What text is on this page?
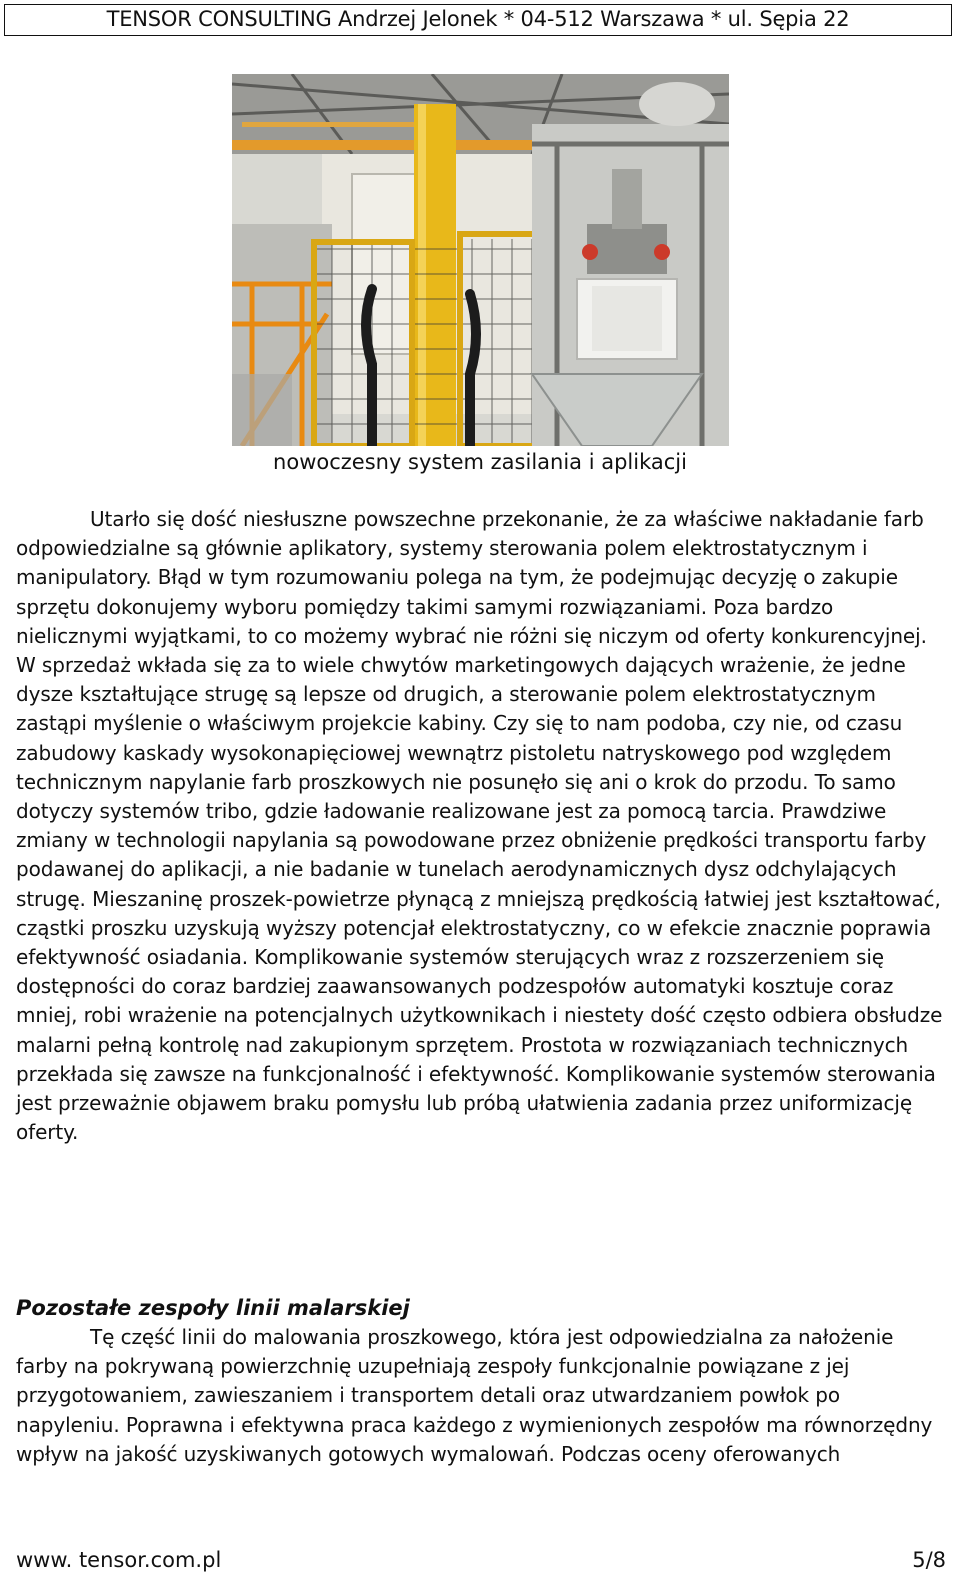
TENSOR CONSULTING Andrzej Jelonek * 04-512 Warszawa * ul. Sępia 22
nowoczesny system zasilania i aplikacji

Utarło się dość niesłuszne powszechne przekonanie, że za właściwe nakładanie farb odpowiedzialne są głównie aplikatory, systemy sterowania polem elektrostatycznym i manipulatory. Błąd w tym rozumowaniu polega na tym, że podejmując decyzję o zakupie sprzętu dokonujemy wyboru pomiędzy takimi samymi rozwiązaniami. Poza bardzo nielicznymi wyjątkami, to co możemy wybrać nie różni się niczym od oferty konkurencyjnej. W sprzedaż wkłada się za to wiele chwytów marketingowych dających wrażenie, że jedne dysze kształtujące strugę są lepsze od drugich, a sterowanie polem elektrostatycznym zastąpi myślenie o właściwym projekcie kabiny. Czy się to nam podoba, czy nie, od czasu zabudowy kaskady wysokonapięciowej wewnątrz pistoletu natryskowego pod względem technicznym napylanie farb proszkowych nie posunęło się ani o krok do przodu. To samo dotyczy systemów tribo, gdzie ładowanie realizowane jest za pomocą tarcia. Prawdziwe zmiany w technologii napylania są powodowane przez obniżenie prędkości transportu farby podawanej do aplikacji, a nie badanie w tunelach aerodynamicznych dysz odchylających strugę. Mieszaninę proszek-powietrze płynącą z mniejszą prędkością łatwiej jest kształtować, cząstki proszku uzyskują wyższy potencjał elektrostatyczny, co w efekcie znacznie poprawia efektywność osiadania. Komplikowanie systemów sterujących wraz z rozszerzeniem się dostępności do coraz bardziej zaawansowanych podzespołów automatyki kosztuje coraz mniej, robi wrażenie na potencjalnych użytkownikach i niestety dość często odbiera obsłudze malarni pełną kontrolę nad zakupionym sprzętem. Prostota w rozwiązaniach technicznych przekłada się zawsze na funkcjonalność i efektywność. Komplikowanie systemów sterowania jest przeważnie objawem braku pomysłu lub próbą ułatwienia zadania przez uniformizację oferty.

Pozostałe zespoły linii malarskiej

Tę część linii do malowania proszkowego, która jest odpowiedzialna za nałożenie farby na pokrywaną powierzchnię uzupełniają zespoły funkcjonalnie powiązane z jej przygotowaniem, zawieszaniem i transportem detali oraz utwardzaniem powłok po napyleniu. Poprawna i efektywna praca każdego z wymienionych zespołów ma równorzędny wpływ na jakość uzyskiwanych gotowych wymalowań. Podczas oceny oferowanych

www. tensor.com.pl	5/8
